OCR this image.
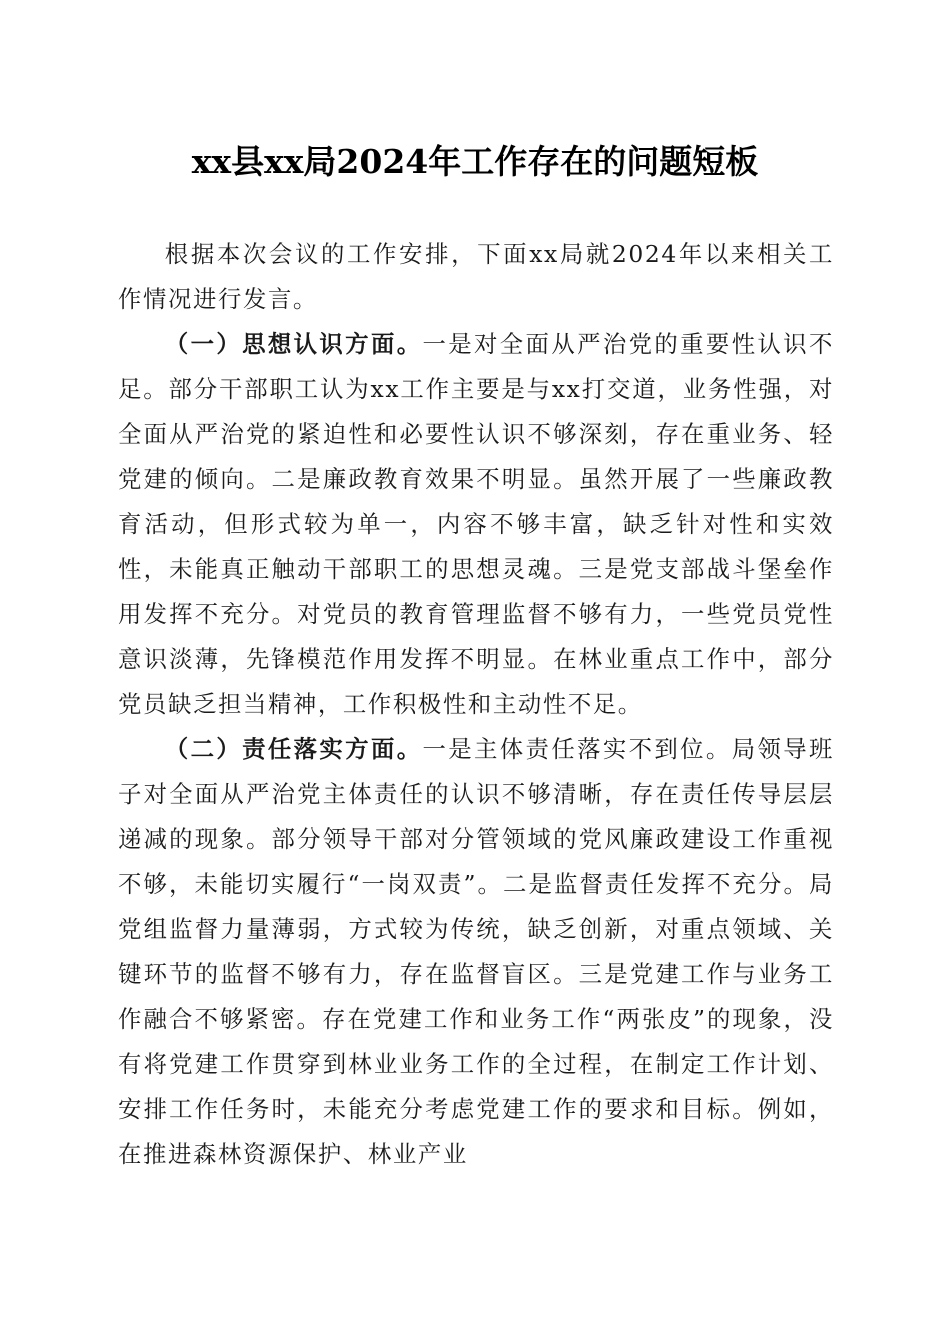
xx县xx局2024年工作存在的问题短板

根据本次会议的工作安排，下面xx局就2024年以来相关工作情况进行发言。

（一）思想认识方面。一是对全面从严治党的重要性认识不足。部分干部职工认为xx工作主要是与xx打交道，业务性强，对全面从严治党的紧迫性和必要性认识不够深刻，存在重业务、轻党建的倾向。二是廉政教育效果不明显。虽然开展了一些廉政教育活动，但形式较为单一，内容不够丰富，缺乏针对性和实效性，未能真正触动干部职工的思想灵魂。三是党支部战斗堡垒作用发挥不充分。对党员的教育管理监督不够有力，一些党员党性意识淡薄，先锋模范作用发挥不明显。在林业重点工作中，部分党员缺乏担当精神，工作积极性和主动性不足。

（二）责任落实方面。一是主体责任落实不到位。局领导班子对全面从严治党主体责任的认识不够清晰，存在责任传导层层递减的现象。部分领导干部对分管领域的党风廉政建设工作重视不够，未能切实履行“一岗双责”。二是监督责任发挥不充分。局党组监督力量薄弱，方式较为传统，缺乏创新，对重点领域、关键环节的监督不够有力，存在监督盲区。三是党建工作与业务工作融合不够紧密。存在党建工作和业务工作“两张皮”的现象，没有将党建工作贯穿到林业业务工作的全过程，在制定工作计划、安排工作任务时，未能充分考虑党建工作的要求和目标。例如，在推进森林资源保护、林业产业
